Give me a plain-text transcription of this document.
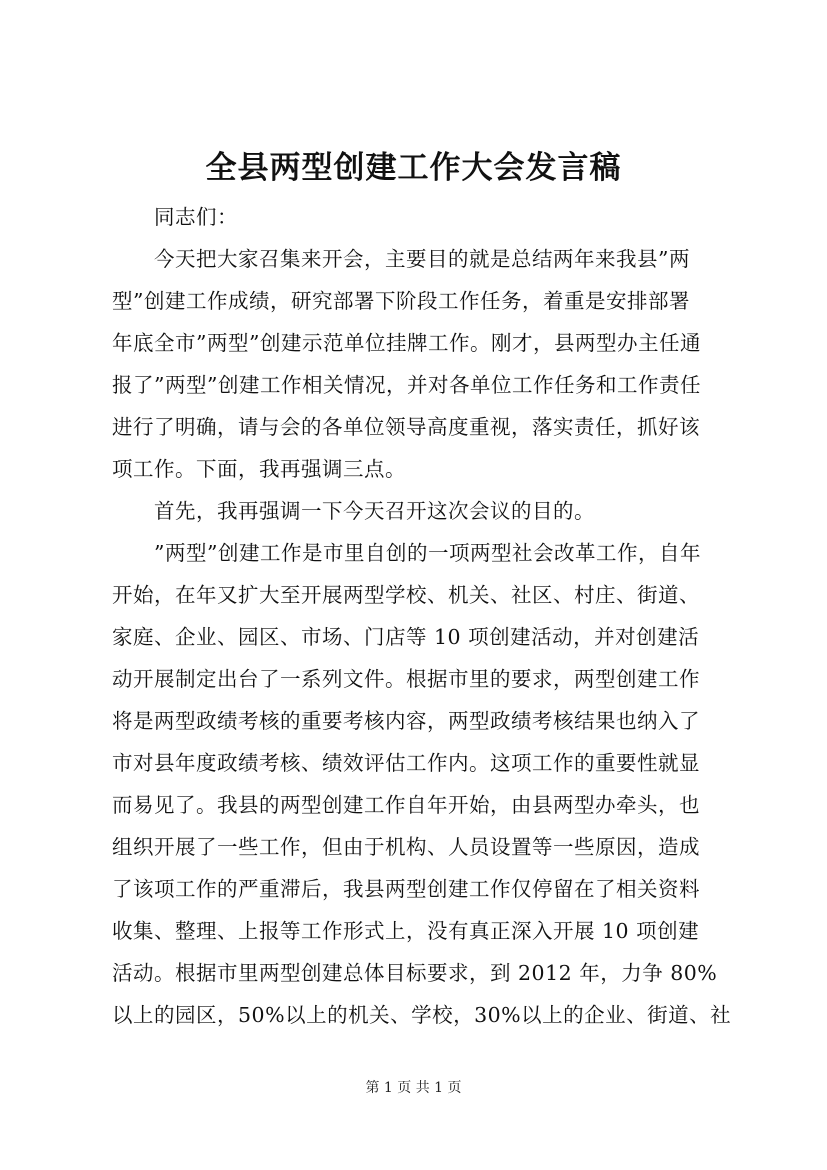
全县两型创建工作大会发言稿
同志们：
今天把大家召集来开会，主要目的就是总结两年来我县”两
型”创建工作成绩，研究部署下阶段工作任务，着重是安排部署
年底全市”两型”创建示范单位挂牌工作。刚才，县两型办主任通
报了”两型”创建工作相关情况，并对各单位工作任务和工作责任
进行了明确，请与会的各单位领导高度重视，落实责任，抓好该
项工作。下面，我再强调三点。
首先，我再强调一下今天召开这次会议的目的。
”两型”创建工作是市里自创的一项两型社会改革工作，自年
开始，在年又扩大至开展两型学校、机关、社区、村庄、街道、
家庭、企业、园区、市场、门店等 10 项创建活动，并对创建活
动开展制定出台了一系列文件。根据市里的要求，两型创建工作
将是两型政绩考核的重要考核内容，两型政绩考核结果也纳入了
市对县年度政绩考核、绩效评估工作内。这项工作的重要性就显
而易见了。我县的两型创建工作自年开始，由县两型办牵头，也
组织开展了一些工作，但由于机构、人员设置等一些原因，造成
了该项工作的严重滞后，我县两型创建工作仅停留在了相关资料
收集、整理、上报等工作形式上，没有真正深入开展 10 项创建
活动。根据市里两型创建总体目标要求，到 2012 年，力争 80%
以上的园区，50%以上的机关、学校，30%以上的企业、街道、社
第 1 页 共 1 页
